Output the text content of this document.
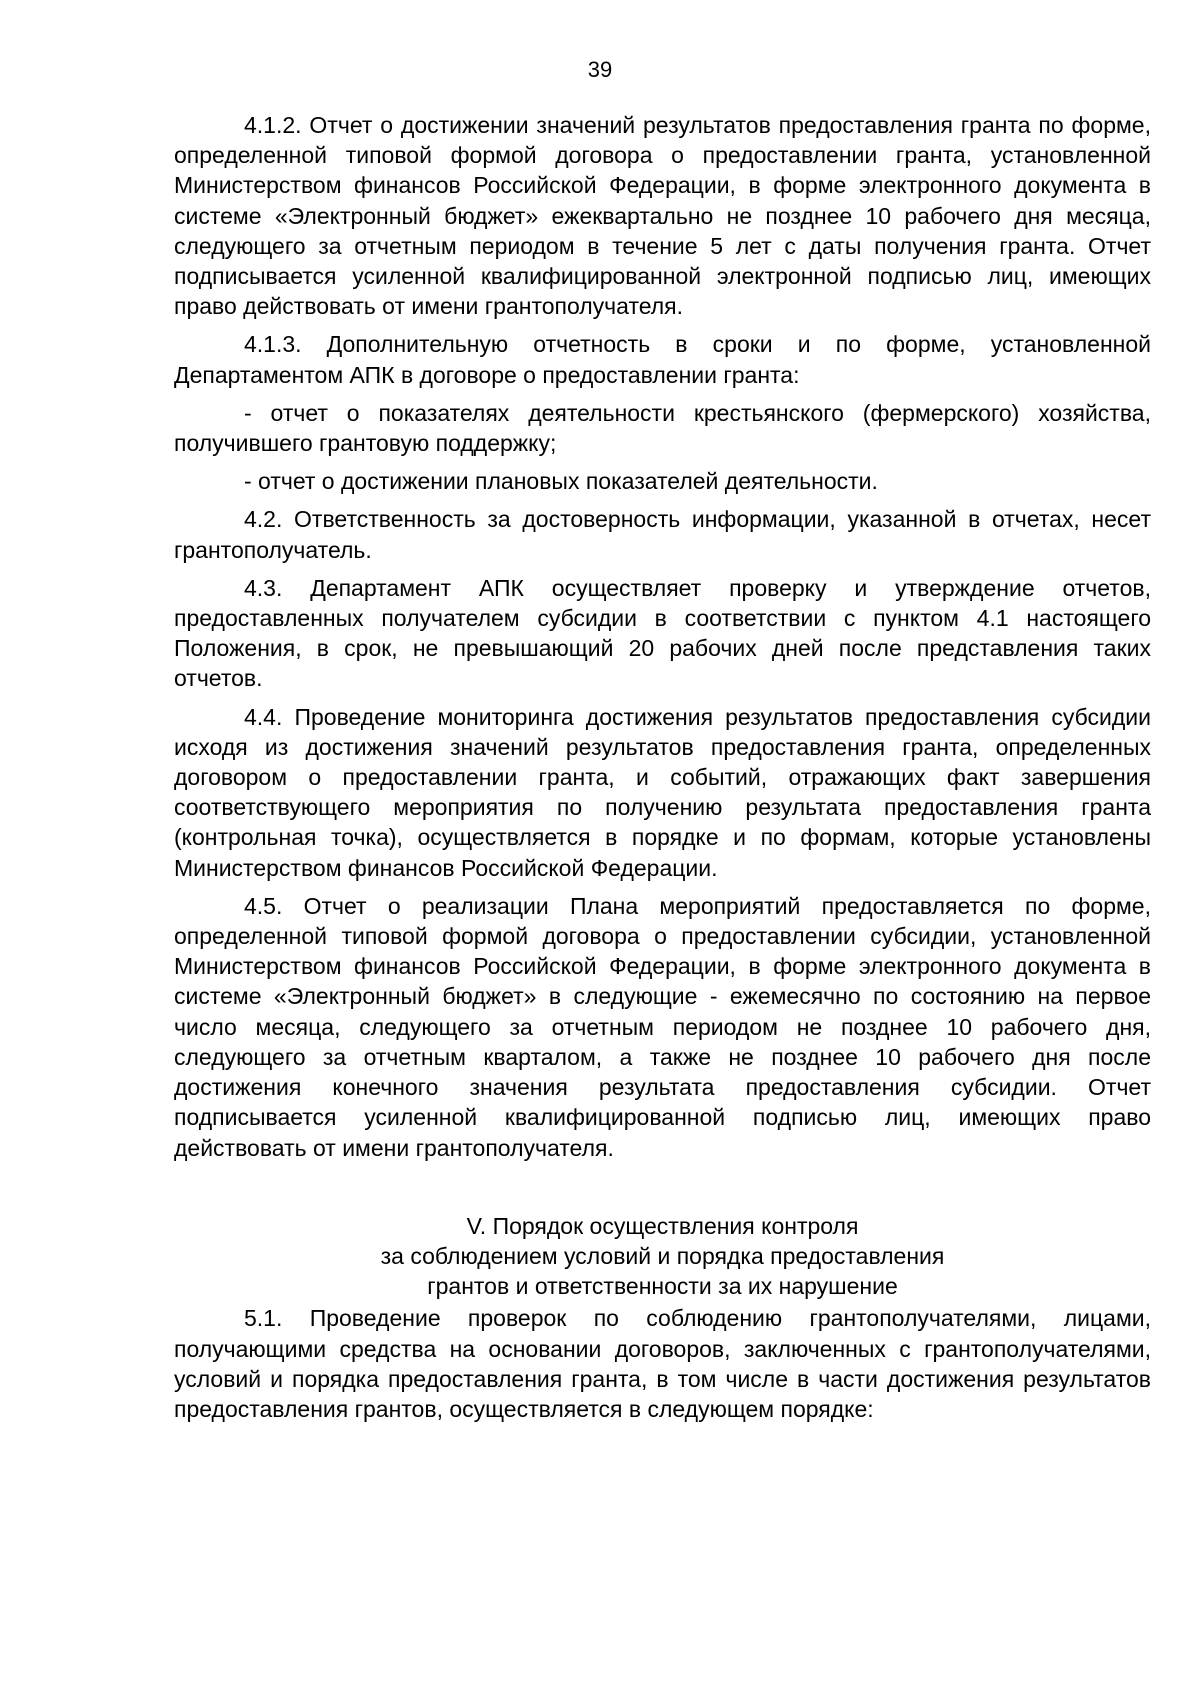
39

4.1.2. Отчет о достижении значений результатов предоставления гранта по форме, определенной типовой формой договора о предоставлении гранта, установленной Министерством финансов Российской Федерации, в форме электронного документа в системе «Электронный бюджет» ежеквартально не позднее 10 рабочего дня месяца, следующего за отчетным периодом в течение 5 лет с даты получения гранта. Отчет подписывается усиленной квалифицированной электронной подписью лиц, имеющих право действовать от имени грантополучателя.

4.1.3. Дополнительную отчетность в сроки и по форме, установленной Департаментом АПК в договоре о предоставлении гранта:

- отчет о показателях деятельности крестьянского (фермерского) хозяйства, получившего грантовую поддержку;

- отчет о достижении плановых показателей деятельности.

4.2. Ответственность за достоверность информации, указанной в отчетах, несет грантополучатель.

4.3. Департамент АПК осуществляет проверку и утверждение отчетов, предоставленных получателем субсидии в соответствии с пунктом 4.1 настоящего Положения, в срок, не превышающий 20 рабочих дней после представления таких отчетов.

4.4. Проведение мониторинга достижения результатов предоставления субсидии исходя из достижения значений результатов предоставления гранта, определенных договором о предоставлении гранта, и событий, отражающих факт завершения соответствующего мероприятия по получению результата предоставления гранта (контрольная точка), осуществляется в порядке и по формам, которые установлены Министерством финансов Российской Федерации.

4.5. Отчет о реализации Плана мероприятий предоставляется по форме, определенной типовой формой договора о предоставлении субсидии, установленной Министерством финансов Российской Федерации, в форме электронного документа в системе «Электронный бюджет» в следующие - ежемесячно по состоянию на первое число месяца, следующего за отчетным периодом не позднее 10 рабочего дня, следующего за отчетным кварталом, а также не позднее 10 рабочего дня после достижения конечного значения результата предоставления субсидии. Отчет подписывается усиленной квалифицированной подписью лиц, имеющих право действовать от имени грантополучателя.

V. Порядок осуществления контроля
за соблюдением условий и порядка предоставления
грантов и ответственности за их нарушение

5.1. Проведение проверок по соблюдению грантополучателями, лицами, получающими средства на основании договоров, заключенных с грантополучателями, условий и порядка предоставления гранта, в том числе в части достижения результатов предоставления грантов, осуществляется в следующем порядке:
